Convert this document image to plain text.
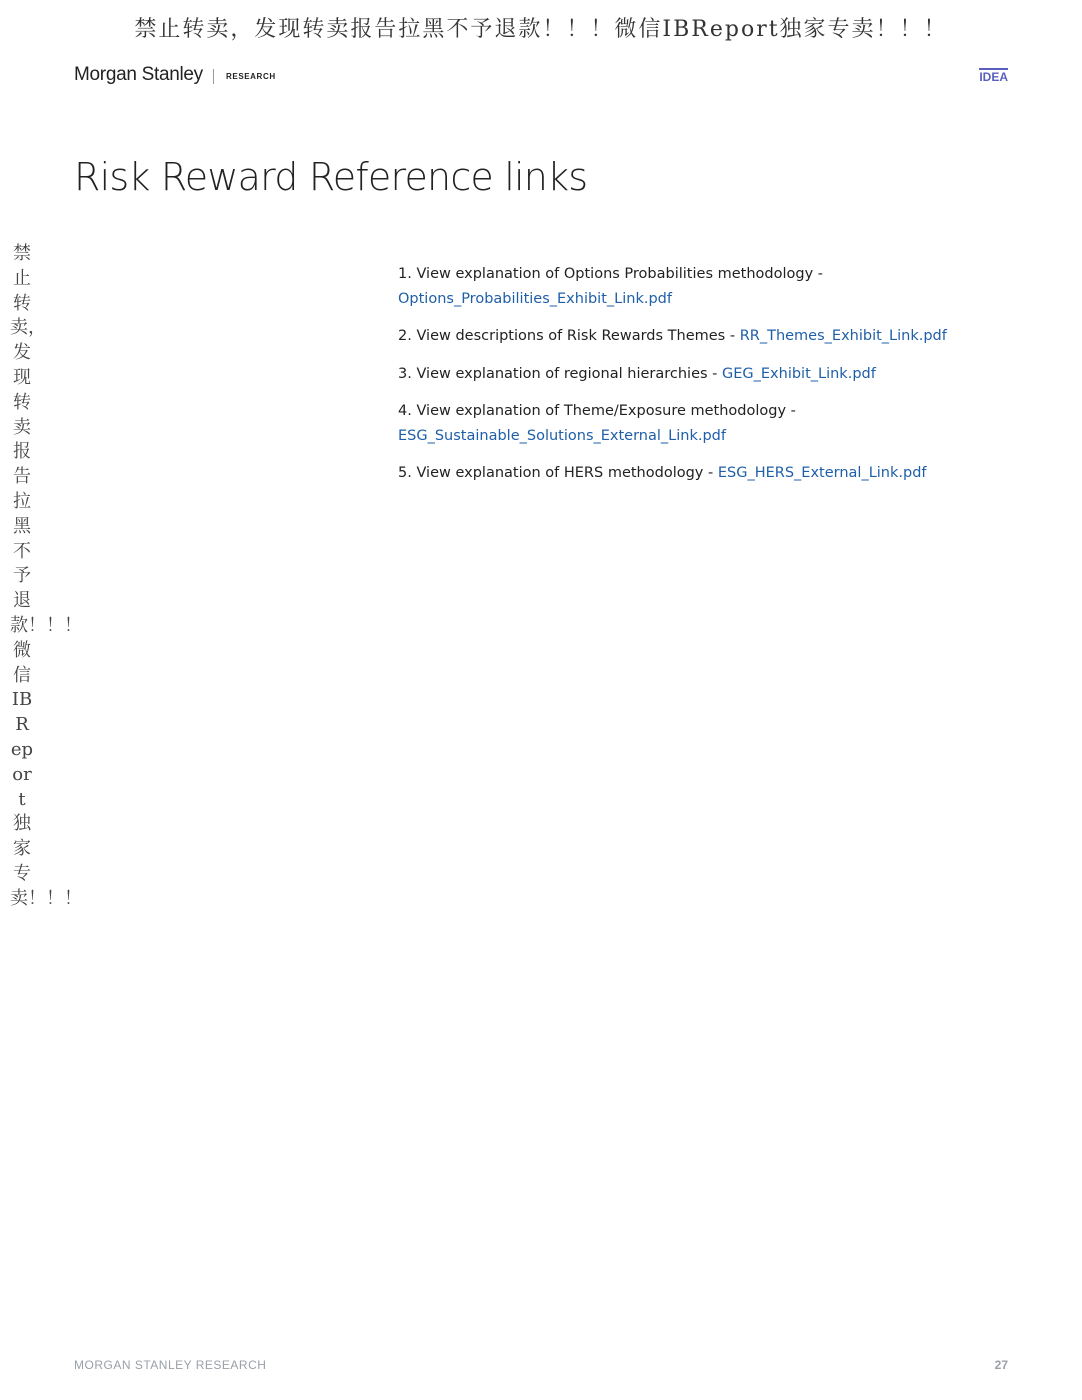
禁止转卖，发现转卖报告拉黑不予退款！！！微信IBReport独家专卖！！！
禁止转卖，发现转卖报告拉黑不予退款！！！微信IBReport独家专卖！！！
Morgan Stanley	RESEARCH	IDEA
Risk Reward Reference links
1. View explanation of Options Probabilities methodology -
Options_Probabilities_Exhibit_Link.pdf
2. View descriptions of Risk Rewards Themes - RR_Themes_Exhibit_Link.pdf
3. View explanation of regional hierarchies - GEG_Exhibit_Link.pdf
4. View explanation of Theme/Exposure methodology -
ESG_Sustainable_Solutions_External_Link.pdf
5. View explanation of HERS methodology - ESG_HERS_External_Link.pdf
MORGAN STANLEY RESEARCH	27
